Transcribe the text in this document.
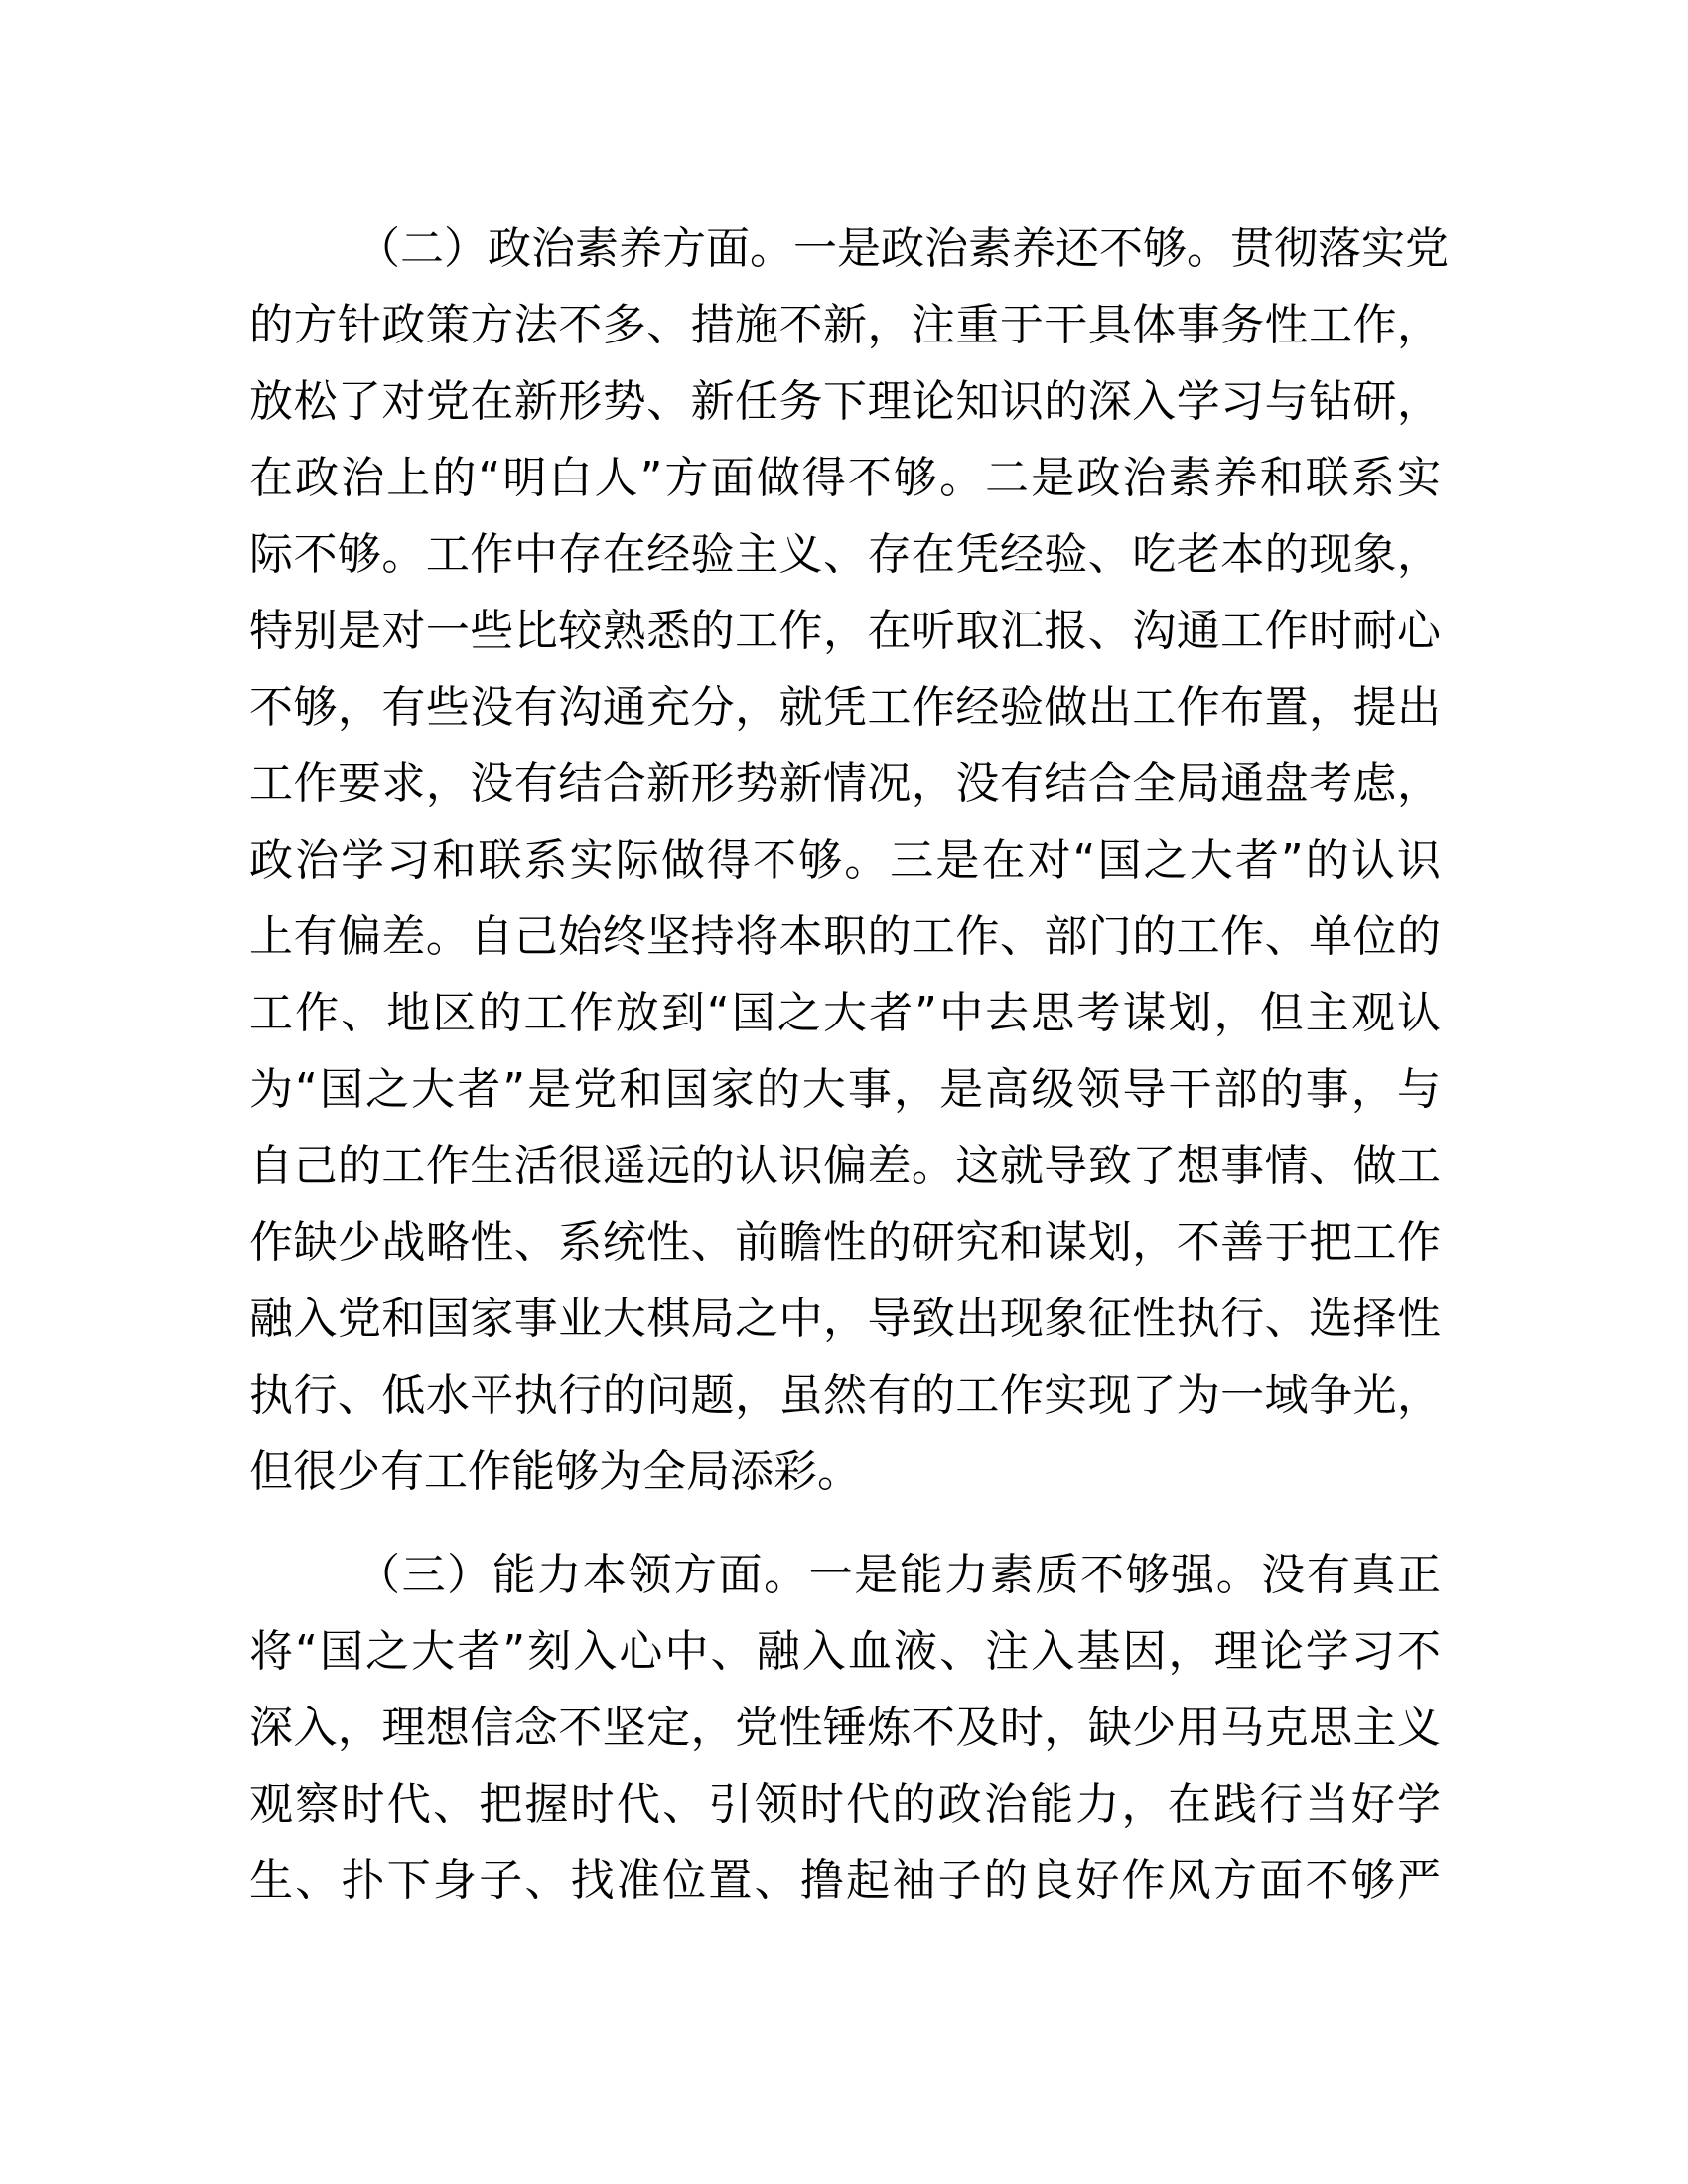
（二）政治素养方面。一是政治素养还不够。贯彻落实党
的方针政策方法不多、措施不新，注重于干具体事务性工作，
放松了对党在新形势、新任务下理论知识的深入学习与钻研，
在政治上的“明白人”方面做得不够。二是政治素养和联系实
际不够。工作中存在经验主义、存在凭经验、吃老本的现象，
特别是对一些比较熟悉的工作，在听取汇报、沟通工作时耐心
不够，有些没有沟通充分，就凭工作经验做出工作布置，提出
工作要求，没有结合新形势新情况，没有结合全局通盘考虑，
政治学习和联系实际做得不够。三是在对“国之大者”的认识
上有偏差。自己始终坚持将本职的工作、部门的工作、单位的
工作、地区的工作放到“国之大者”中去思考谋划，但主观认
为“国之大者”是党和国家的大事，是高级领导干部的事，与
自己的工作生活很遥远的认识偏差。这就导致了想事情、做工
作缺少战略性、系统性、前瞻性的研究和谋划，不善于把工作
融入党和国家事业大棋局之中，导致出现象征性执行、选择性
执行、低水平执行的问题，虽然有的工作实现了为一域争光，
但很少有工作能够为全局添彩。
（三）能力本领方面。一是能力素质不够强。没有真正
将“国之大者”刻入心中、融入血液、注入基因，理论学习不
深入，理想信念不坚定，党性锤炼不及时，缺少用马克思主义
观察时代、把握时代、引领时代的政治能力，在践行当好学
生、扑下身子、找准位置、撸起袖子的良好作风方面不够严
